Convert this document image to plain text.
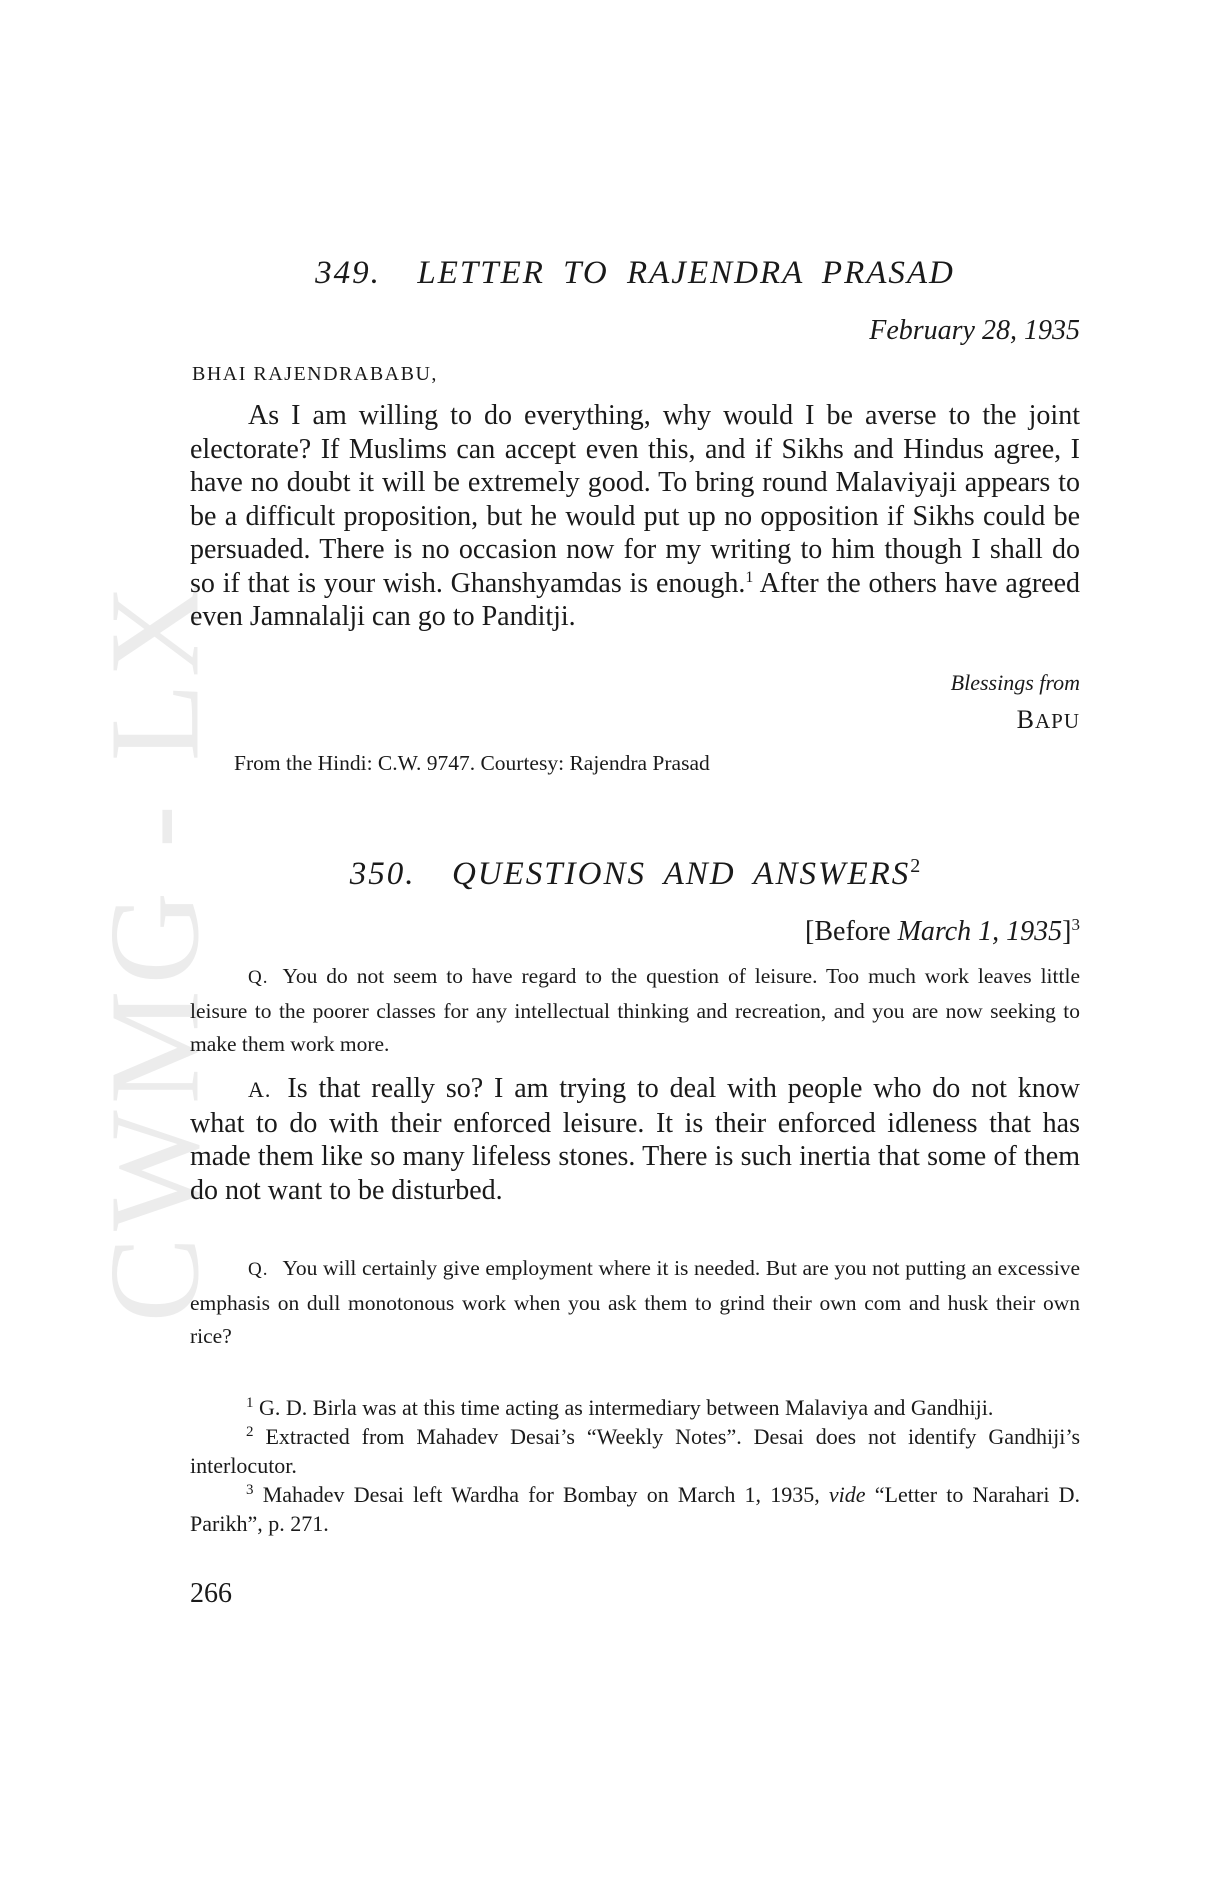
CWMG - LX
349. LETTER TO RAJENDRA PRASAD
February 28, 1935
BHAI RAJENDRABABU,

As I am willing to do everything, why would I be averse to the joint electorate? If Muslims can accept even this, and if Sikhs and Hindus agree, I have no doubt it will be extremely good. To bring round Malaviyaji appears to be a difficult proposition, but he would put up no opposition if Sikhs could be persuaded. There is no occasion now for my writing to him though I shall do so if that is your wish. Ghanshyamdas is enough.$^1$ After the others have agreed even Jamnalalji can go to Panditji.

Blessings from
BAPU
From the Hindi: C.W. 9747. Courtesy: Rajendra Prasad
350. QUESTIONS AND ANSWERS$^2$
[Before March 1, 1935]$^3$

Q. You do not seem to have regard to the question of leisure. Too much work leaves little leisure to the poorer classes for any intellectual thinking and recreation, and you are now seeking to make them work more.

A. Is that really so? I am trying to deal with people who do not know what to do with their enforced leisure. It is their enforced idleness that has made them like so many lifeless stones. There is such inertia that some of them do not want to be disturbed.

Q. You will certainly give employment where it is needed. But are you not putting an excessive emphasis on dull monotonous work when you ask them to grind their own com and husk their own rice?

$^1$ G. D. Birla was at this time acting as intermediary between Malaviya and Gandhiji.

$^2$ Extracted from Mahadev Desai’s “Weekly Notes”. Desai does not identify Gandhiji’s interlocutor.

$^3$ Mahadev Desai left Wardha for Bombay on March 1, 1935, vide “Letter to Narahari D. Parikh”, p. 271.

266
